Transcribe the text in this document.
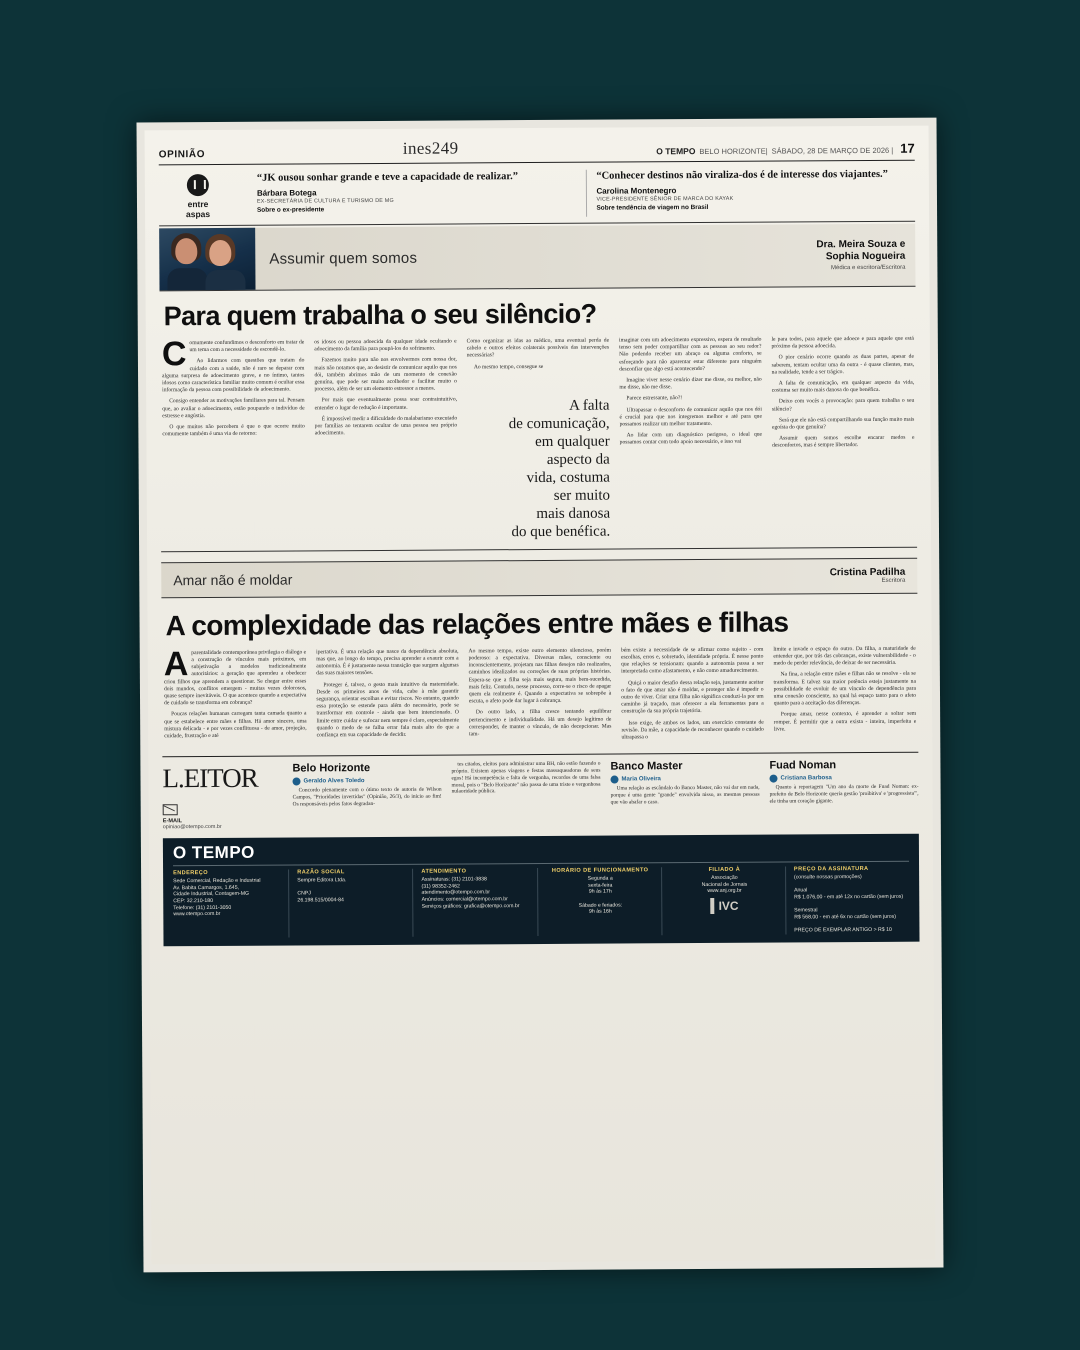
OPINIÃO	ines249	O TEMPO BELO HORIZONTE| SÁBADO, 28 DE MARÇO DE 2026 | 17
entre
aspas
“JK ousou sonhar grande e teve a capacidade de realizar.”
Bárbara Botega
EX-SECRETÁRIA DE CULTURA E TURISMO DE MG
Sobre o ex-presidente
“Conhecer destinos não viraliza-dos é de interesse dos viajantes.”
Carolina Montenegro
VICE-PRESIDENTE SÊNIOR DE MARCA DO KAYAK
Sobre tendência de viagem no Brasil
Assumir quem somos
Dra. Meira Souza e
Sophia Nogueira
Médica e escritora/Escritora
Para quem trabalha o seu silêncio?

Comumente confundimos o desconforto em tratar de um tema com a necessidade de escondê-lo.

Ao lidarmos com questões que tratam do cuidado com a saúde, não é raro se deparar com alguma surpresa de adoecimento grave, e no íntimo, tantos idosos como característica familiar muito comum é ocultar essa informação da pessoa com possibilidade de adoecimento.

Consigo entender as motivações familiares para tal. Pensam que, ao avaliar o adoecimento, estão poupando o indivíduo de estresse e angústia.

O que muitos não percebem é que o que ocorre muito comumente também é uma via de retorno:

os idosos ou pessoa adoecida da qualquer idade ocultando e adoecimento da família para poupá-los do sofrimento.

Fazemos muito para não nos envolvermos com nossa dor, mais não notamos que, ao desistir de comunicar aquilo que nos dói, também abrimos mão de um momento de conexão genuína, que pode ser muito acolhedor e facilitar muito o processo, além de ser um elemento estressor a menos.

Por mais que eventualmente possa soar contraintuitivo, entender o lugar de redução é importante.

É impossível medir a dificuldade do malabarismo executado por famílias ao tentarem ocultar de uma pessoa seu próprio adoecimento.

Como organizar as idas ao médico, uma eventual perda de cabelo e outros efeitos colaterais possíveis das intervenções necessárias?

Ao mesmo tempo, consegue se

A falta
de comunicação,
em qualquer
aspecto da
vida, costuma
ser muito
mais danosa
do que benéfica.

imaginar com um adoecimento expressivo, espera de resultado tenso sem poder compartilhar com as pessoas ao seu redor? Não podendo receber um abraço ou alguma conforto, se esforçando para não aparentar estar diferente para ninguém desconfiar que algo está acontecendo?

Imagine viver nesse cenário dizer me disse, ou melhor, não me disse, não me disse.

Parece estressante, não?!

Ultrapassar o desconforto de comunicar aquilo que nos dói é crucial para que nos integremos melhor e até para que possamos realizar um melhor tratamento.

Ao lidar com um diagnóstico perigoso, o ideal que possamos contar com todo apoio necessário, e isso vai

le para todos, para aquele que adoece e para aquele que está próximo da pessoa adoecida.

O pior cenário ocorre quando as duas partes, apesar de saberem, tentam ocultar uma da outra - é quase clientes, mas, na realidade, tende a ser trágico.

A falta de comunicação, em qualquer aspecto da vida, costuma ser muito mais danosa do que benéfica.

Deixo com vocês a provocação: para quem trabalha o seu silêncio?

Será que ele não está compartilhando sua função muito mais egoísta do que genuína?

Assumir quem somos escolhe encarar medos e desconfortos, mas é sempre libertador.

Amar não é moldar	Cristina Padilha
Escritora
A complexidade das relações entre mães e filhas

Aparentalidade contemporânea privilegia o diálogo e a construção de vínculos mais próximos, em subjetivação a modelos tradicionalmente autoritários: a geração que aprendeu a obedecer criou filhos que aprendem a questionar. Se chegar entre esses dois mundos, conflitos emergem - muitas vezes dolorosos, quase sempre inevitáveis. O que acontece quando a expectativa de cuidado se transforma em cobrança?

Poucas relações humanas carregam tanta camada quanto a que se estabelece entre mães e filhas. Há amor sincero, uma mistura delicada - e por vezes conflituosa - de amor, projeção, cuidade, frustração e até

ipertativa. É uma relação que nasce da dependência absoluta, mas que, ao longo do tempo, precisa aprender a exaurir com a autonomia. É é justamente nessa transição que surgem algumas das suas maiores tensões.

Proteger é, talvez, o gesto mais intuitivo da maternidade. Desde os primeiros anos de vida, cabe à mãe garantir segurança, orientar escolhas e evitar riscos. No entanto, quando essa proteção se estende para além do necessário, pode se transformar em controle - ainda que bem intencionado. O limite entre cuidar e sufocar nem sempre é claro, especialmente quando o medo de se falha errar fala mais alto do que a confiança em sua capacidade de decidir.

Ao mesmo tempo, existe outro elemento silencioso, porém poderoso: a expectativa. Diversas mães, consciente ou inconscientemente, projetam nas filhas desejos não realizados, caminhos idealizados ou correções de suas próprias histórias. Espera-se que a filha seja mais segura, mais bem-sucedida, mais feliz. Contudo, nesse processo, corre-se o risco de apagar quem ela realmente é. Quando a expectativa se sobrepõe à escuta, o afeto pode dar lugar à cobrança.

Do outro lado, a filha cresce tentando equilibrar pertencimento e individualidade. Há um desejo legítimo de corresponder, de manter o vínculo, de não decepcionar. Mas tam-

bém existe a necessidade de se afirmar como sujeito - com escolhas, erros e, sobretudo, identidade própria. É nesse ponto que relações se tensionam: quando a autonomia passa a ser interpretada como afastamento, e não como amadurecimento.

Quiçá o maior desafio dessa relação seja, justamente aceitar o fato de que amar não é moldar, e proteger não é impedir o outro de viver. Criar uma filha não significa conduzi-la por um caminho já traçado, mas oferecer a ela ferramentas para a construção da sua própria trajetória.

Isso exige, de ambos os lados, um exercício constante de revisão. Da mãe, a capacidade de reconhecer quando o cuidado ultrapassa o

limite e invade o espaço do outro. Da filha, a maturidade de entender que, por trás das cobranças, existe vulnerabilidade - o medo de perder relevância, de deixar de ser necessária.

Na fina, a relação entre mães e filhas não se resolve - ela se transforma. E talvez sua maior potência esteja justamente na possibilidade de evoluir de um vínculo de dependência para uma conexão consciente, na qual há espaço tanto para o afeto quanto para a aceitação das diferenças.

Porque amar, nesse contexto, é aprender a soltar sem romper. É permitir que a outra exista - inteira, imperfeita e livre.

L.EITOR
E-MAIL
opiniao@otempo.com.br
Belo Horizonte
Geraldo Alves Toledo

Concordo plenamente com o ótimo texto de autoria de Wilson Campos, "Prioridades invertidas" (Opinião, 26/3), do início ao fim! Os responsáveis pelos fatos degradan-

tes citados, eleitos para administrar uma BH, não estão fazendo o próprio. Existem apenas viagens e festas massaqueadoras de seus egos! Há incompetência e falta de vergonha, recordos de uma falsa moral, pois o "Belo Horizonte" não passa de uma triste e vergonhosa nulaoridade pública.

Banco Master
Maria Oliveira

Uma relação as escândalo do Banco Master, não vai dar em nada, porque é uma gente "grande" envolvida nisso, as mesmas pessoas que vão abafar o caso.

Fuad Noman
Cristiana Barbosa

Quanto à reportagem "Um ano da morte de Fuad Noman: ex-prefeito de Belo Horizonte queria gestão 'proibitiva' e 'progressista'", ele tinha um coração gigante.

O TEMPO
ENDEREÇO
Sede Comercial, Redação e Industrial
Av. Babita Camargos, 1.645,
Cidade Industrial, Contagem-MG
CEP: 32.210-180
Telefone: (31) 2101-3050
www.otempo.com.br
RAZÃO SOCIAL
Sempre Editora Ltda.

CNPJ
26.198.515/0004-84
ATENDIMENTO
Assinaturas: (31) 2101-3838
(31) 98352-2462
atendimento@otempo.com.br
Anúncios: comercial@otempo.com.br
Serviços gráficos: grafica@otempo.com.br
HORÁRIO DE FUNCIONAMENTO
Segunda a
sexta-feira
9h às 17h

Sábado e feriados:
9h às 16h
FILIADO À
Associação
Nacional de Jornais
www.anj.org.br
IVC
PREÇO DA ASSINATURA
(consulte nossas promoções)

Anual
R$ 1.076,00 - em até 12x no cartão (sem juros)

Semestral
R$ 568,00 - em até 6x no cartão (sem juros)

PREÇO DE EXEMPLAR ANTIGO > R$ 10
